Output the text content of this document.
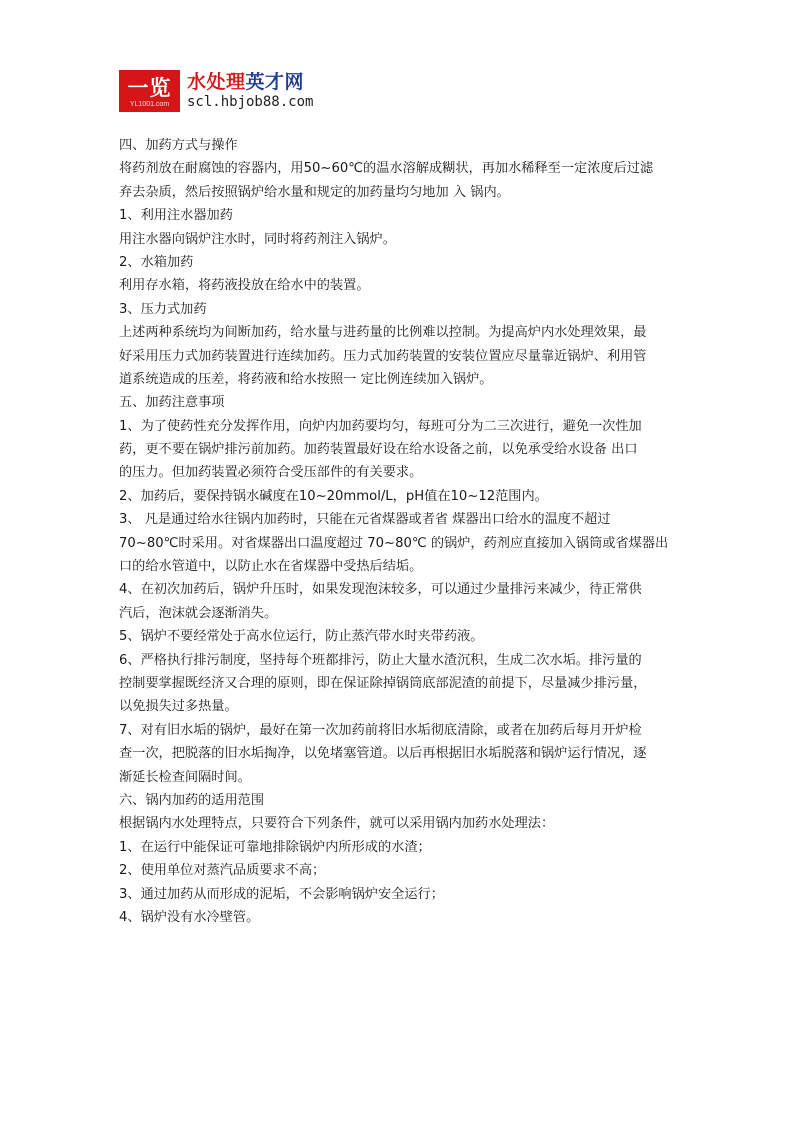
一览
YL1001.com
水处理英才网
scl.hbjob88.com
四、加药方式与操作
将药剂放在耐腐蚀的容器内，用50~60℃的温水溶解成糊状，再加水稀释至一定浓度后过滤
弃去杂质，然后按照锅炉给水量和规定的加药量均匀地加 入 锅内。
1、利用注水器加药
用注水器向锅炉注水时，同时将药剂注入锅炉。
2、水箱加药
利用存水箱，将药液投放在给水中的装置。
3、压力式加药
上述两种系统均为间断加药，给水量与进药量的比例难以控制。为提高炉内水处理效果，最
好采用压力式加药装置进行连续加药。压力式加药装置的安装位置应尽量靠近锅炉、利用管
道系统造成的压差，将药液和给水按照一 定比例连续加入锅炉。
五、加药注意事项
1、为了使药性充分发挥作用，向炉内加药要均匀，每班可分为二三次进行，避免一次性加
药，更不要在锅炉排污前加药。加药装置最好设在给水设备之前，以免承受给水设备 出口
的压力。但加药装置必须符合受压部件的有关要求。
2、加药后，要保持锅水碱度在10~20mmol/L，pH值在10~12范围内。
3、 凡是通过给水往锅内加药时，只能在元省煤器或者省 煤器出口给水的温度不超过
70~80℃时采用。对省煤器出口温度超过 70~80℃ 的锅炉，药剂应直接加入锅筒或省煤器出
口的给水管道中，以防止水在省煤器中受热后结垢。
4、在初次加药后，锅炉升压时，如果发现泡沫较多，可以通过少量排污来减少，待正常供
汽后，泡沫就会逐渐消失。
5、锅炉不要经常处于高水位运行，防止蒸汽带水时夹带药液。
6、严格执行排污制度，坚持每个班都排污，防止大量水渣沉积，生成二次水垢。排污量的
控制要掌握既经济又合理的原则，即在保证除掉锅筒底部泥渣的前提下，尽量减少排污量，
以免损失过多热量。
7、对有旧水垢的锅炉，最好在第一次加药前将旧水垢彻底清除，或者在加药后每月开炉检
查一次，把脱落的旧水垢掏净，以免堵塞管道。以后再根据旧水垢脱落和锅炉运行情况，逐
渐延长检查间隔时间。
六、锅内加药的适用范围
根据锅内水处理特点，只要符合下列条件，就可以采用锅内加药水处理法：
1、在运行中能保证可靠地排除锅炉内所形成的水渣；
2、使用单位对蒸汽品质要求不高；
3、通过加药从而形成的泥垢，不会影响锅炉安全运行；
4、锅炉没有水冷壁管。
